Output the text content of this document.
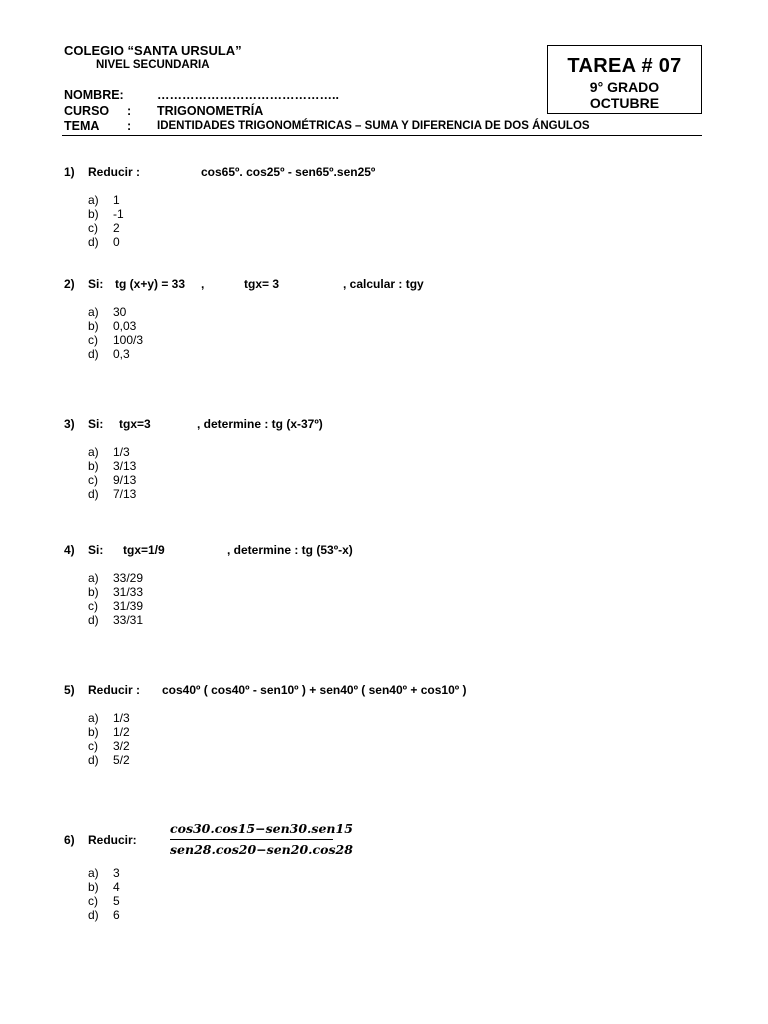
COLEGIO “SANTA URSULA”
NIVEL SECUNDARIA
NOMBRE:	……………………………………..
CURSO : TRIGONOMETRÍA
TEMA : IDENTIDADES TRIGONOMÉTRICAS – SUMA Y DIFERENCIA DE DOS ÁNGULOS
TAREA # 07
9° GRADO
OCTUBRE
1) Reducir :	cos65º. cos25º - sen65º.sen25º
a) 1
b) -1
c) 2
d) 0
2) Si: tg (x+y) = 33 ,	tgx= 3	, calcular : tgy
a) 30
b) 0,03
c) 100/3
d) 0,3
3) Si: tgx=3	, determine : tg (x-37º)
a) 1/3
b) 3/13
c) 9/13
d) 7/13
4) Si: tgx=1/9	, determine : tg (53º-x)
a) 33/29
b) 31/33
c) 31/39
d) 33/31
5) Reducir : cos40º ( cos40º - sen10º ) + sen40º ( sen40º + cos10º )
a) 1/3
b) 1/2
c) 3/2
d) 5/2
6) Reducir:
cos30.cos15−sen30.sen15
sen28.cos20−sen20.cos28
a) 3
b) 4
c) 5
d) 6
